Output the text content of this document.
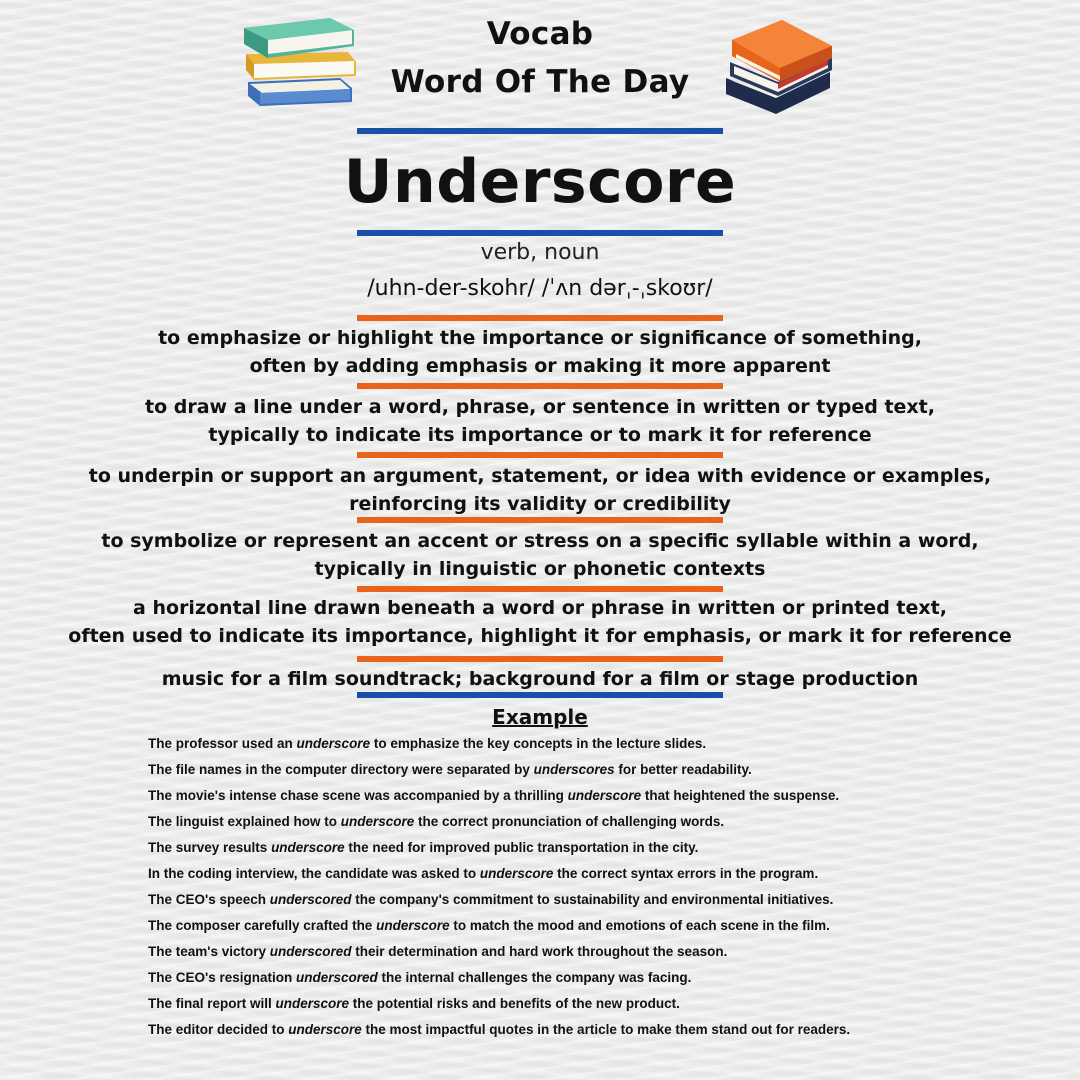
Vocab
Word Of The Day
Underscore
verb, noun
/uhn-der-skohr/ /ˈʌn dərˌ-ˌskoʊr/
to emphasize or highlight the importance or significance of something,
often by adding emphasis or making it more apparent
to draw a line under a word, phrase, or sentence in written or typed text,
typically to indicate its importance or to mark it for reference
to underpin or support an argument, statement, or idea with evidence or examples,
reinforcing its validity or credibility
to symbolize or represent an accent or stress on a specific syllable within a word,
typically in linguistic or phonetic contexts
a horizontal line drawn beneath a word or phrase in written or printed text,
often used to indicate its importance, highlight it for emphasis, or mark it for reference
music for a film soundtrack; background for a film or stage production
Example
The professor used an underscore to emphasize the key concepts in the lecture slides.
The file names in the computer directory were separated by underscores for better readability.
The movie's intense chase scene was accompanied by a thrilling underscore that heightened the suspense.
The linguist explained how to underscore the correct pronunciation of challenging words.
The survey results underscore the need for improved public transportation in the city.
In the coding interview, the candidate was asked to underscore the correct syntax errors in the program.
The CEO's speech underscored the company's commitment to sustainability and environmental initiatives.
The composer carefully crafted the underscore to match the mood and emotions of each scene in the film.
The team's victory underscored their determination and hard work throughout the season.
The CEO's resignation underscored the internal challenges the company was facing.
The final report will underscore the potential risks and benefits of the new product.
The editor decided to underscore the most impactful quotes in the article to make them stand out for readers.
